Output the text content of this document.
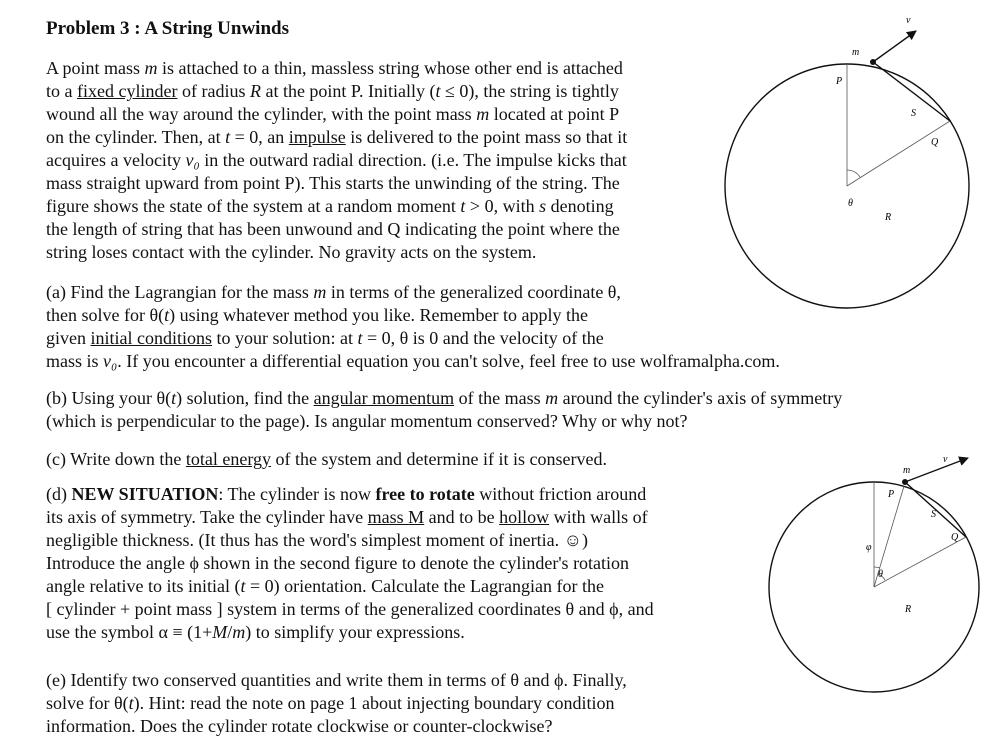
Problem 3 : A String Unwinds
A point mass m is attached to a thin, massless string whose other end is attached
to a fixed cylinder of radius R at the point P. Initially (t ≤ 0), the string is tightly
wound all the way around the cylinder, with the point mass m located at point P
on the cylinder. Then, at t = 0, an impulse is delivered to the point mass so that it
acquires a velocity v₀ in the outward radial direction. (i.e. The impulse kicks that
mass straight upward from point P). This starts the unwinding of the string. The
figure shows the state of the system at a random moment t > 0, with s denoting
the length of string that has been unwound and Q indicating the point where the
string loses contact with the cylinder. No gravity acts on the system.
(a) Find the Lagrangian for the mass m in terms of the generalized coordinate θ,
then solve for θ(t) using whatever method you like. Remember to apply the
given initial conditions to your solution: at t = 0, θ is 0 and the velocity of the
mass is v₀. If you encounter a differential equation you can't solve, feel free to use wolframalpha.com.
(b) Using your θ(t) solution, find the angular momentum of the mass m around the cylinder's axis of symmetry
(which is perpendicular to the page). Is angular momentum conserved? Why or why not?
(c) Write down the total energy of the system and determine if it is conserved.
(d) NEW SITUATION: The cylinder is now free to rotate without friction around
its axis of symmetry. Take the cylinder have mass M and to be hollow with walls of
negligible thickness. (It thus has the word's simplest moment of inertia. ☺)
Introduce the angle ϕ shown in the second figure to denote the cylinder's rotation
angle relative to its initial (t = 0) orientation. Calculate the Lagrangian for the
[ cylinder + point mass ] system in terms of the generalized coordinates θ and ϕ, and
use the symbol α ≡ (1+M/m) to simplify your expressions.
(e) Identify two conserved quantities and write them in terms of θ and ϕ. Finally,
solve for θ(t). Hint: read the note on page 1 about injecting boundary condition
information. Does the cylinder rotate clockwise or counter-clockwise?
P
m
v
S
Q
θ
R
P
m
v
S
Q
φ
θ
R
